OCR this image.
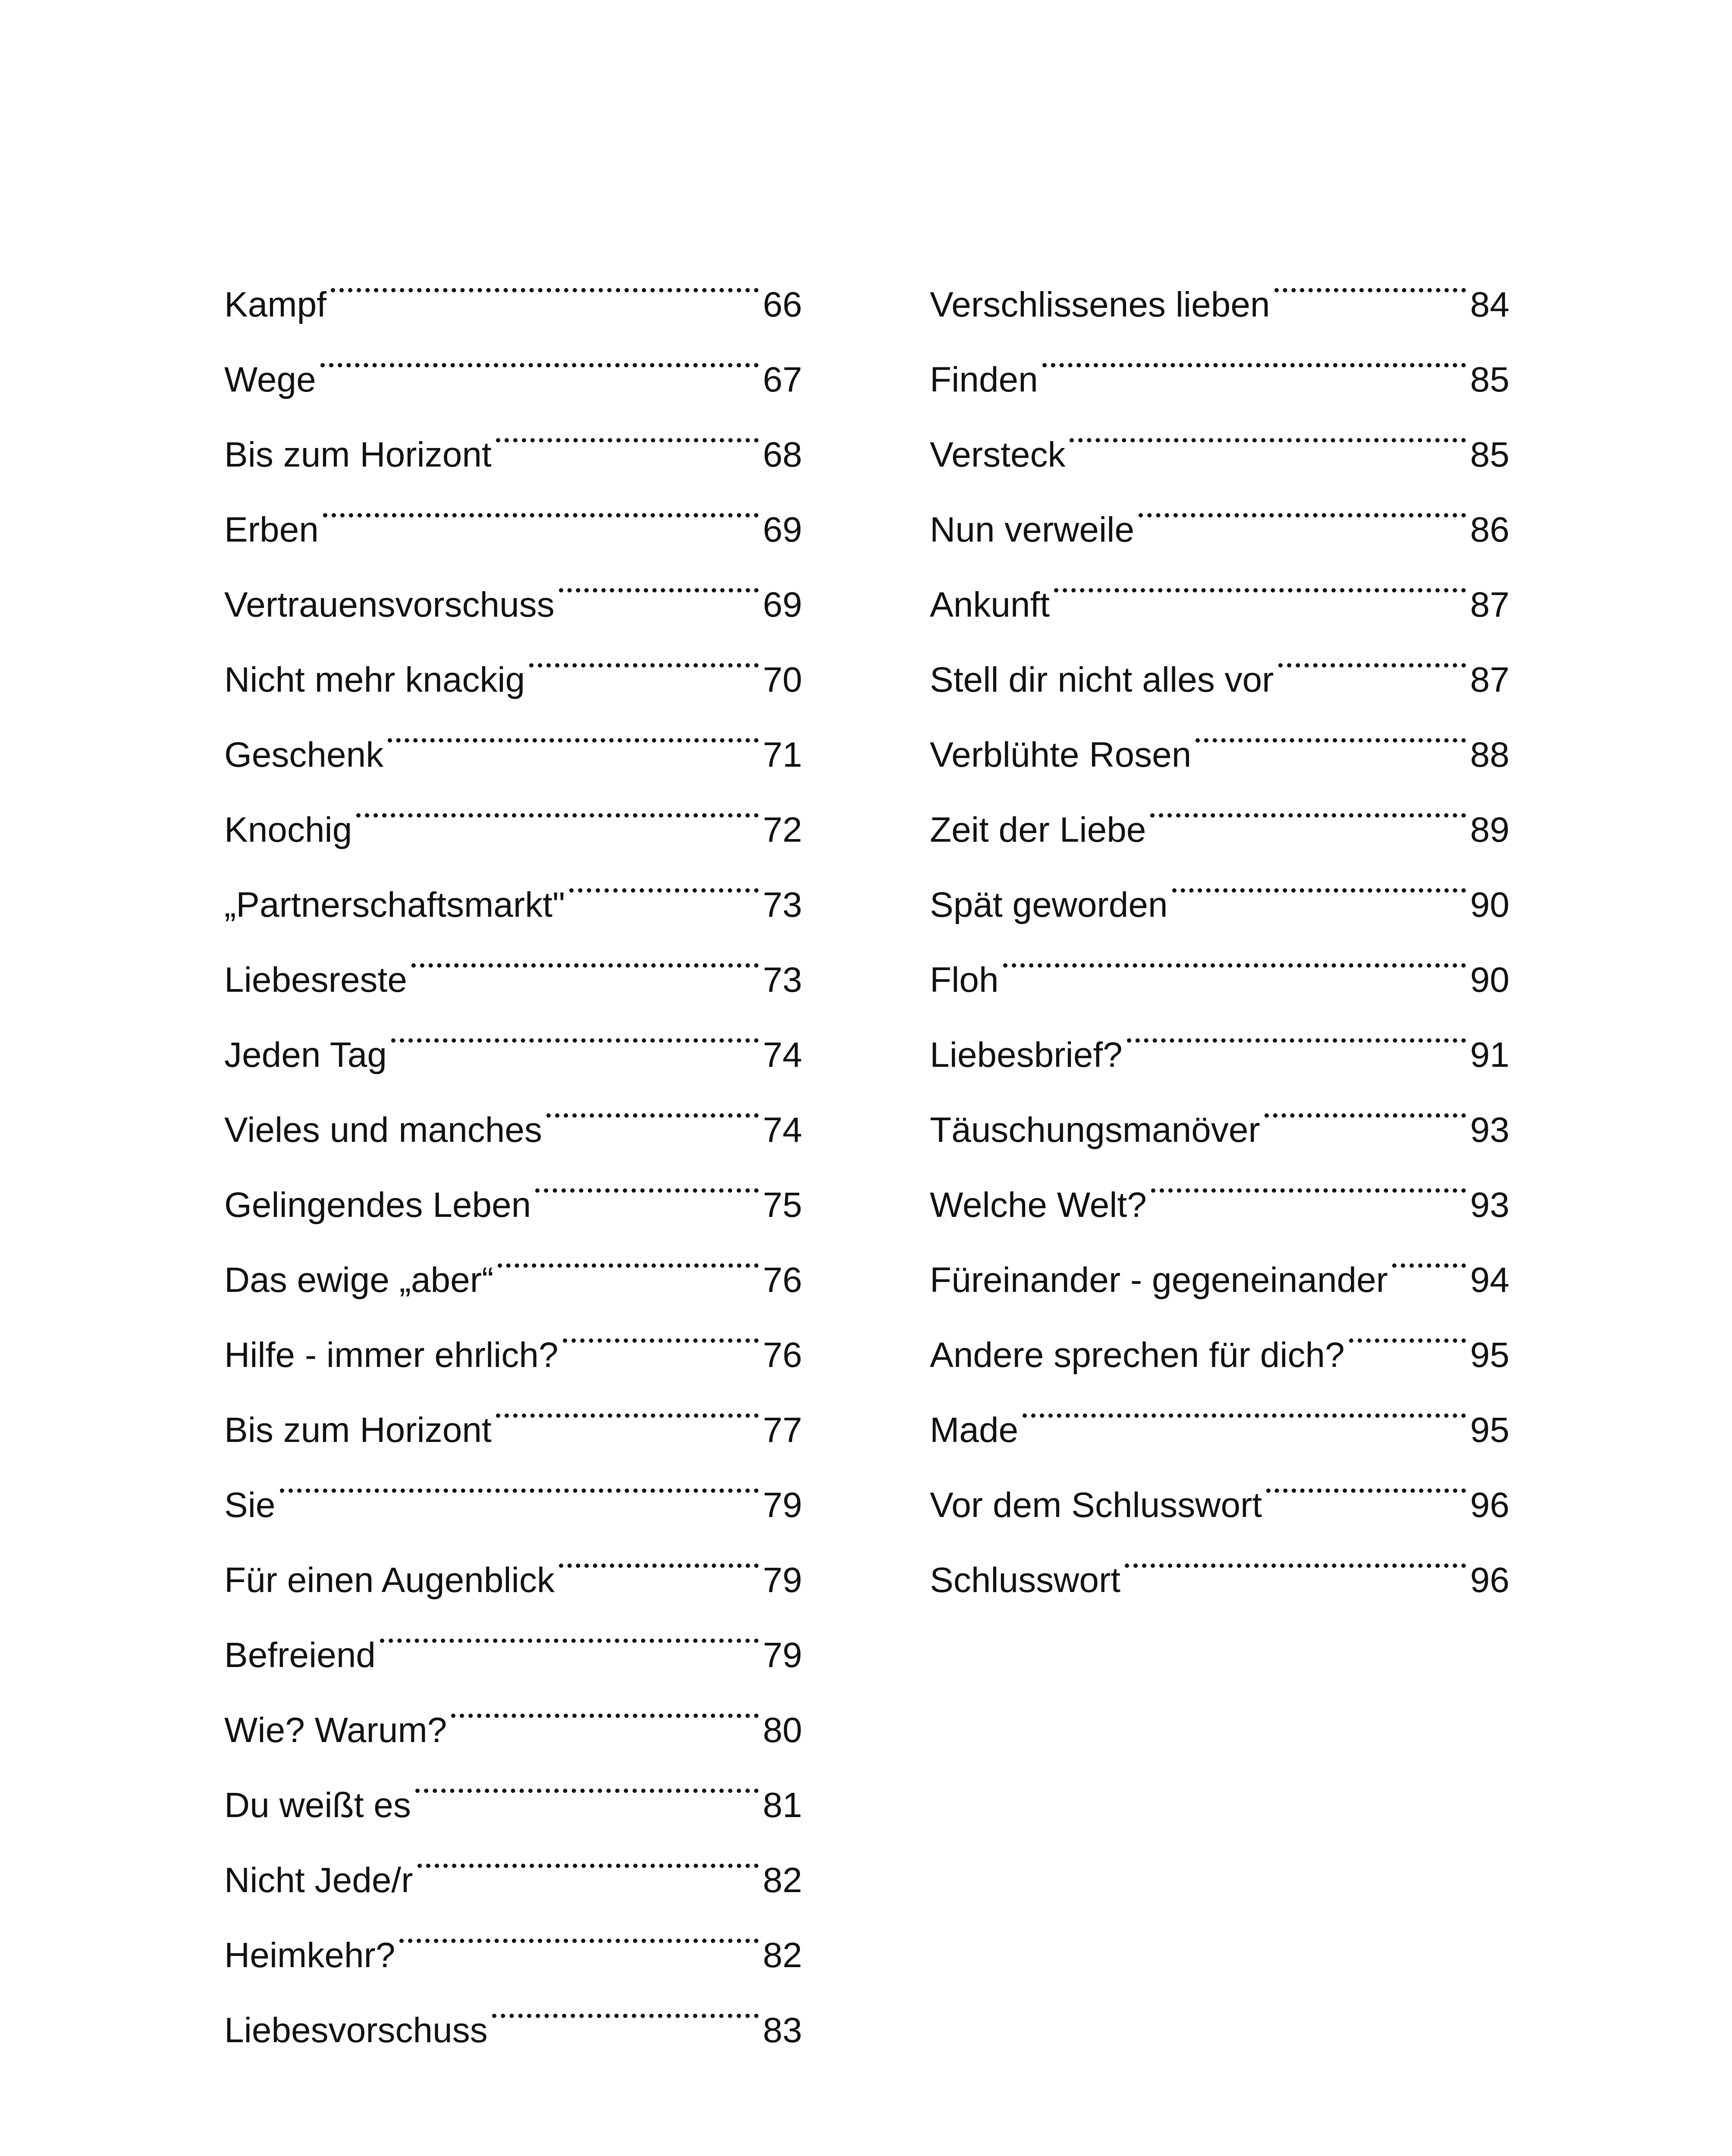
Kampf	66
Wege	67
Bis zum Horizont	68
Erben	69
Vertrauensvorschuss	69
Nicht mehr knackig	70
Geschenk	71
Knochig	72
„Partnerschaftsmarkt"	73
Liebesreste	73
Jeden Tag	74
Vieles und manches	74
Gelingendes Leben	75
Das ewige „aber“	76
Hilfe - immer ehrlich?	76
Bis zum Horizont	77
Sie	79
Für einen Augenblick	79
Befreiend	79
Wie? Warum?	80
Du weißt es	81
Nicht Jede/r	82
Heimkehr?	82
Liebesvorschuss	83
Verschlissenes lieben	84
Finden	85
Versteck	85
Nun verweile	86
Ankunft	87
Stell dir nicht alles vor	87
Verblühte Rosen	88
Zeit der Liebe	89
Spät geworden	90
Floh	90
Liebesbrief?	91
Täuschungsmanöver	93
Welche Welt?	93
Füreinander - gegeneinander 94
Andere sprechen für dich?	95
Made	95
Vor dem Schlusswort	96
Schlusswort	96
